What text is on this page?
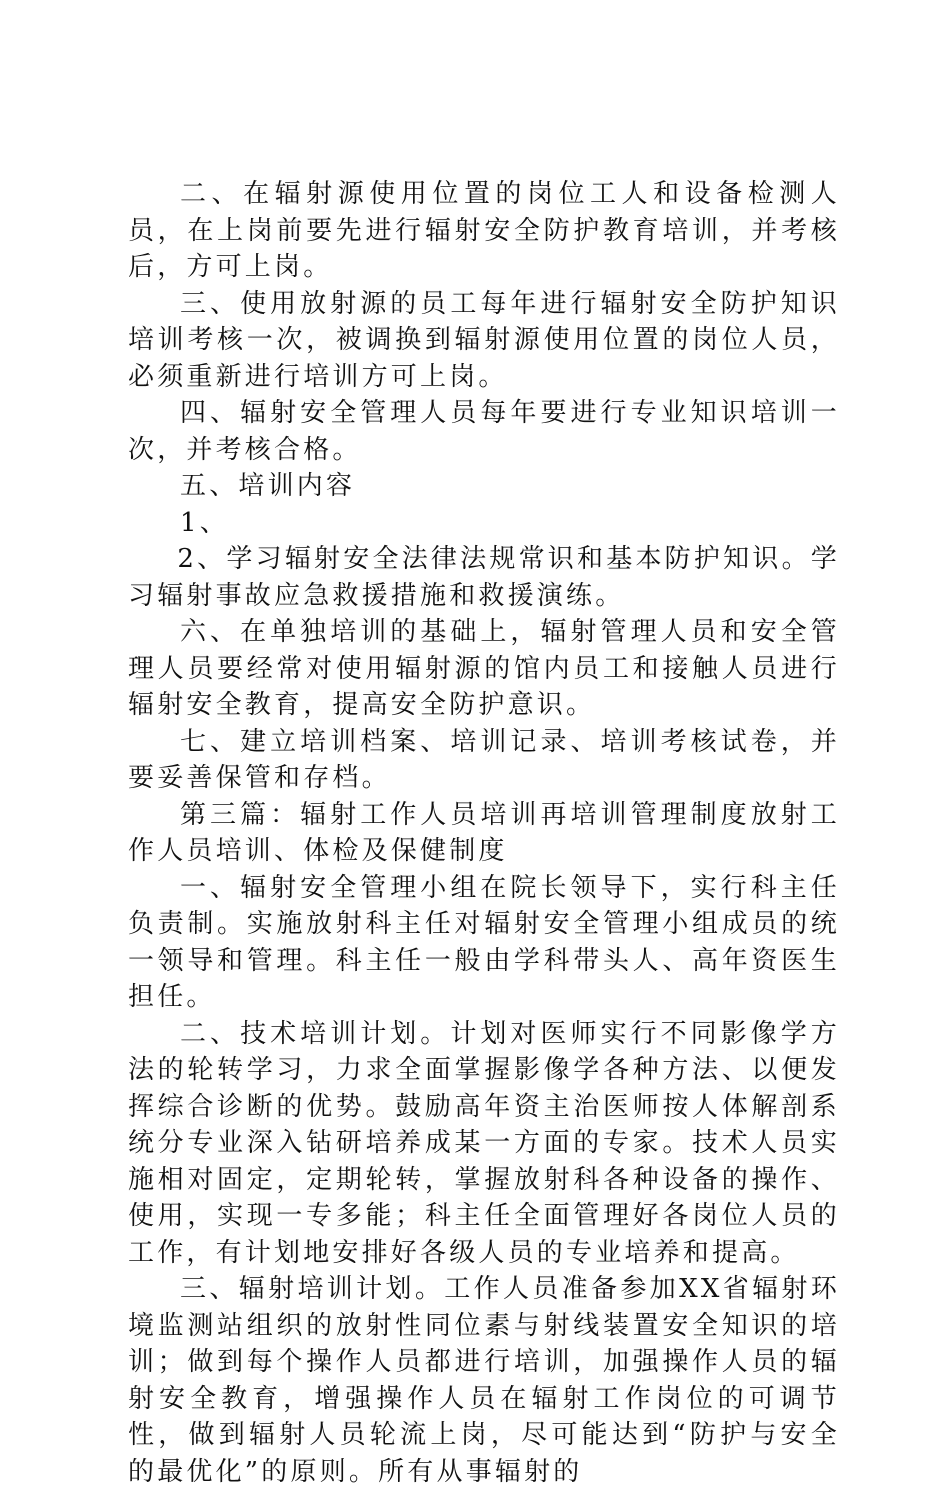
二、在辐射源使用位置的岗位工人和设备检测人员，在上岗前要先进行辐射安全防护教育培训，并考核后，方可上岗。

三、使用放射源的员工每年进行辐射安全防护知识培训考核一次，被调换到辐射源使用位置的岗位人员，必须重新进行培训方可上岗。

四、辐射安全管理人员每年要进行专业知识培训一次，并考核合格。

五、培训内容

1、

2、学习辐射安全法律法规常识和基本防护知识。学习辐射事故应急救援措施和救援演练。

六、在单独培训的基础上，辐射管理人员和安全管理人员要经常对使用辐射源的馆内员工和接触人员进行辐射安全教育，提高安全防护意识。

七、建立培训档案、培训记录、培训考核试卷，并要妥善保管和存档。

第三篇：辐射工作人员培训再培训管理制度放射工作人员培训、体检及保健制度

一、辐射安全管理小组在院长领导下，实行科主任负责制。实施放射科主任对辐射安全管理小组成员的统一领导和管理。科主任一般由学科带头人、高年资医生担任。

二、技术培训计划。计划对医师实行不同影像学方法的轮转学习，力求全面掌握影像学各种方法、以便发挥综合诊断的优势。鼓励高年资主治医师按人体解剖系统分专业深入钻研培养成某一方面的专家。技术人员实施相对固定，定期轮转，掌握放射科各种设备的操作、使用，实现一专多能；科主任全面管理好各岗位人员的工作，有计划地安排好各级人员的专业培养和提高。

三、辐射培训计划。工作人员准备参加XX省辐射环境监测站组织的放射性同位素与射线装置安全知识的培训；做到每个操作人员都进行培训，加强操作人员的辐射安全教育，增强操作人员在辐射工作岗位的可调节性，做到辐射人员轮流上岗，尽可能达到“防护与安全的最优化”的原则。所有从事辐射的
